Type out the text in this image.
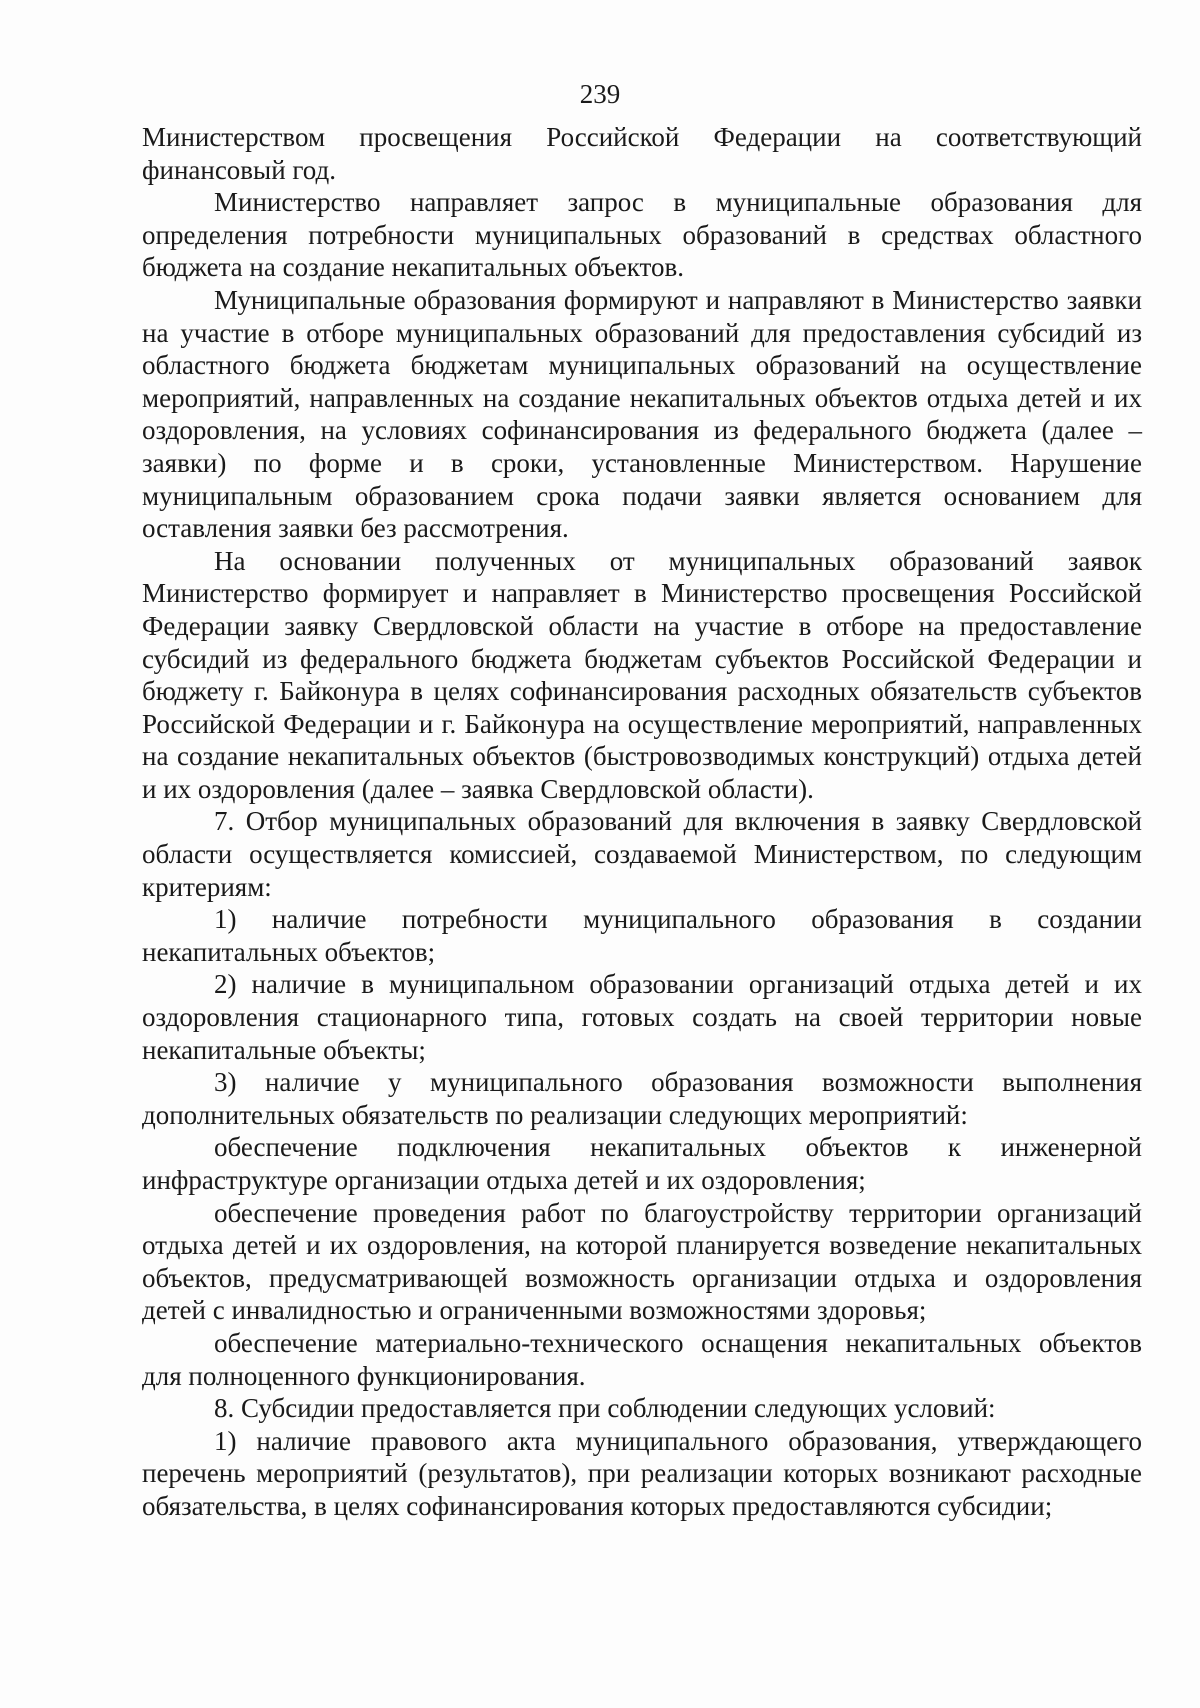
239

Министерством просвещения Российской Федерации на соответствующий финансовый год.

Министерство направляет запрос в муниципальные образования для определения потребности муниципальных образований в средствах областного бюджета на создание некапитальных объектов.

Муниципальные образования формируют и направляют в Министерство заявки на участие в отборе муниципальных образований для предоставления субсидий из областного бюджета бюджетам муниципальных образований на осуществление мероприятий, направленных на создание некапитальных объектов отдыха детей и их оздоровления, на условиях софинансирования из федерального бюджета (далее – заявки) по форме и в сроки, установленные Министерством. Нарушение муниципальным образованием срока подачи заявки является основанием для оставления заявки без рассмотрения.

На основании полученных от муниципальных образований заявок Министерство формирует и направляет в Министерство просвещения Российской Федерации заявку Свердловской области на участие в отборе на предоставление субсидий из федерального бюджета бюджетам субъектов Российской Федерации и бюджету г. Байконура в целях софинансирования расходных обязательств субъектов Российской Федерации и г. Байконура на осуществление мероприятий, направленных на создание некапитальных объектов (быстровозводимых конструкций) отдыха детей и их оздоровления (далее – заявка Свердловской области).

7. Отбор муниципальных образований для включения в заявку Свердловской области осуществляется комиссией, создаваемой Министерством, по следующим критериям:

1) наличие потребности муниципального образования в создании некапитальных объектов;

2) наличие в муниципальном образовании организаций отдыха детей и их оздоровления стационарного типа, готовых создать на своей территории новые некапитальные объекты;

3) наличие у муниципального образования возможности выполнения дополнительных обязательств по реализации следующих мероприятий:

обеспечение подключения некапитальных объектов к инженерной инфраструктуре организации отдыха детей и их оздоровления;

обеспечение проведения работ по благоустройству территории организаций отдыха детей и их оздоровления, на которой планируется возведение некапитальных объектов, предусматривающей возможность организации отдыха и оздоровления детей с инвалидностью и ограниченными возможностями здоровья;

обеспечение материально-технического оснащения некапитальных объектов для полноценного функционирования.

8. Субсидии предоставляется при соблюдении следующих условий:

1) наличие правового акта муниципального образования, утверждающего перечень мероприятий (результатов), при реализации которых возникают расходные обязательства, в целях софинансирования которых предоставляются субсидии;
